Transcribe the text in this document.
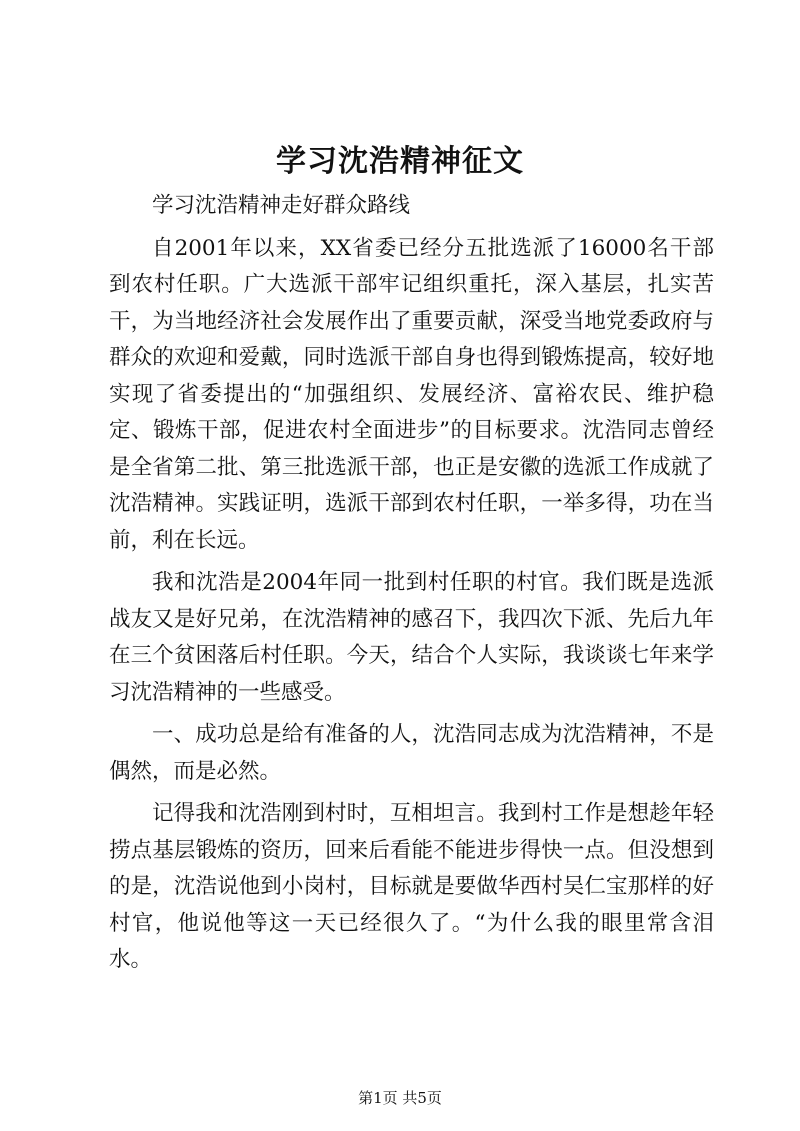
学习沈浩精神征文

学习沈浩精神走好群众路线

自2001年以来，XX省委已经分五批选派了16000名干部到农村任职。广大选派干部牢记组织重托，深入基层，扎实苦干，为当地经济社会发展作出了重要贡献，深受当地党委政府与群众的欢迎和爱戴，同时选派干部自身也得到锻炼提高，较好地实现了省委提出的“加强组织、发展经济、富裕农民、维护稳定、锻炼干部，促进农村全面进步”的目标要求。沈浩同志曾经是全省第二批、第三批选派干部，也正是安徽的选派工作成就了沈浩精神。实践证明，选派干部到农村任职，一举多得，功在当前，利在长远。

我和沈浩是2004年同一批到村任职的村官。我们既是选派战友又是好兄弟，在沈浩精神的感召下，我四次下派、先后九年在三个贫困落后村任职。今天，结合个人实际，我谈谈七年来学习沈浩精神的一些感受。

一、成功总是给有准备的人，沈浩同志成为沈浩精神，不是偶然，而是必然。

记得我和沈浩刚到村时，互相坦言。我到村工作是想趁年轻捞点基层锻炼的资历，回来后看能不能进步得快一点。但没想到的是，沈浩说他到小岗村，目标就是要做华西村吴仁宝那样的好村官，他说他等这一天已经很久了。“为什么我的眼里常含泪水。

第1页 共5页
